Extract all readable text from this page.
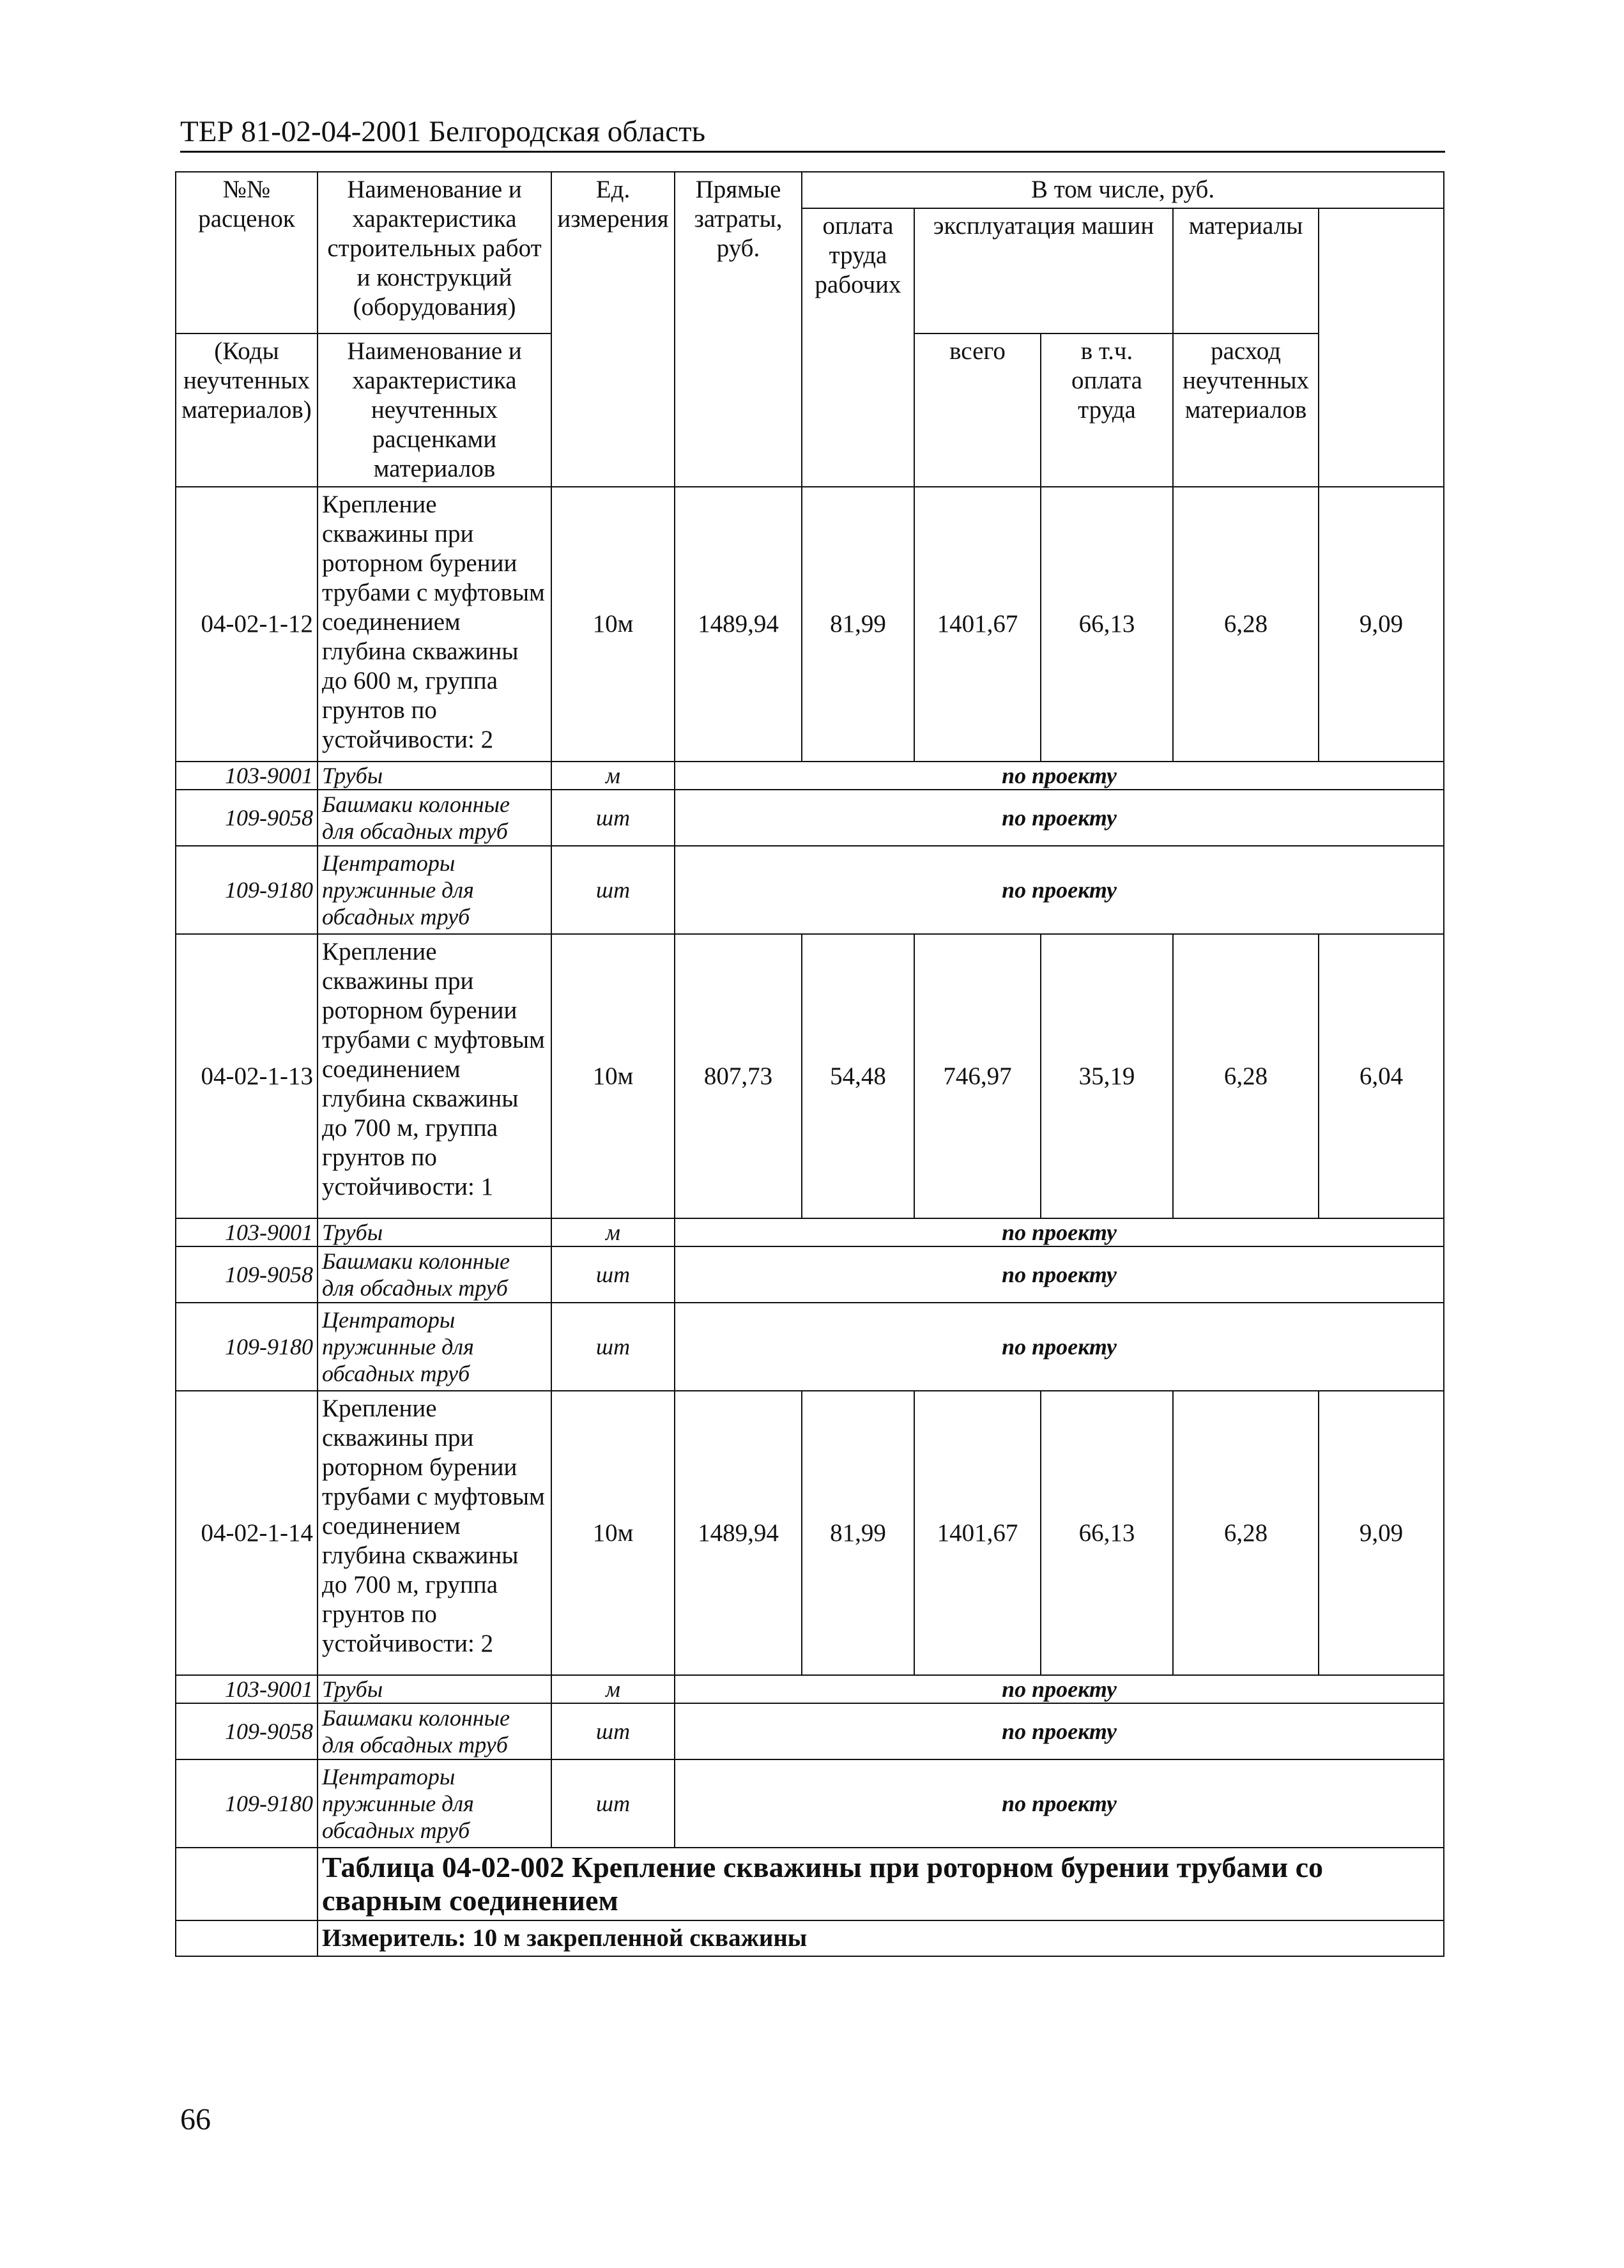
ТЕР 81-02-04-2001 Белгородская область
№№ расценок	Наименование и характеристика строительных работ и конструкций (оборудования)	Ед. измерения	Прямые затраты, руб.	В том числе, руб.	
				оплата труда рабочих	эксплуатация машин		материалы		
(Коды неучтенных материалов)	Наименование и характеристика неучтенных расценками материалов				всего	в т.ч. оплата труда	расход неучтенных материалов		

04-02-1-12	Крепление скважины при роторном бурении трубами с муфтовым соединением глубина скважины до 600 м, группа грунтов по устойчивости: 2	10м	1489,94	81,99	1401,67	66,13	6,28	9,09	
103-9001	Трубы	м	по проекту						
109-9058	Башмаки колонные для обсадных труб	шт	по проекту						
109-9180	Центраторы пружинные для обсадных труб	шт	по проекту						
04-02-1-13	Крепление скважины при роторном бурении трубами с муфтовым соединением глубина скважины до 700 м, группа грунтов по устойчивости: 1	10м	807,73	54,48	746,97	35,19	6,28	6,04	
103-9001	Трубы	м	по проекту						
109-9058	Башмаки колонные для обсадных труб	шт	по проекту						
109-9180	Центраторы пружинные для обсадных труб	шт	по проекту						
04-02-1-14	Крепление скважины при роторном бурении трубами с муфтовым соединением глубина скважины до 700 м, группа грунтов по устойчивости: 2	10м	1489,94	81,99	1401,67	66,13	6,28	9,09	
103-9001	Трубы	м	по проекту						
109-9058	Башмаки колонные для обсадных труб	шт	по проекту						
109-9180	Центраторы пружинные для обсадных труб	шт	по проекту						
	Таблица 04-02-002 Крепление скважины при роторном бурении трубами со сварным соединением								
	Измеритель: 10 м закрепленной скважины								
66
